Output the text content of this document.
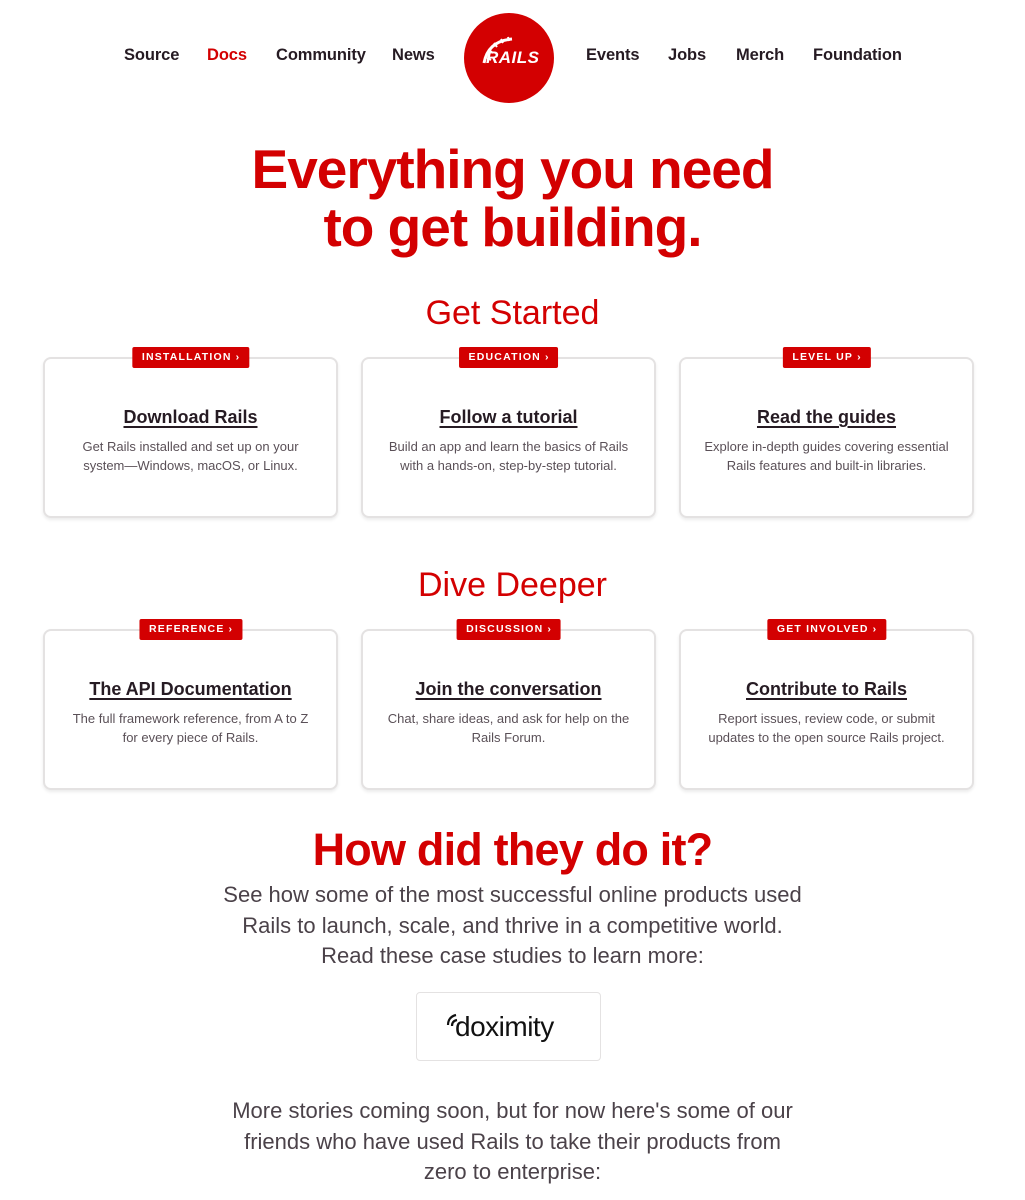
Source Docs Community News	RAILS	Events Jobs Merch Foundation
Everything you need
to get building.
Get Started
INSTALLATION ›
Download Rails
Get Rails installed and set up on your system—Windows, macOS, or Linux.
EDUCATION ›
Follow a tutorial
Build an app and learn the basics of Rails with a hands-on, step-by-step tutorial.
LEVEL UP ›
Read the guides
Explore in-depth guides covering essential Rails features and built-in libraries.
Dive Deeper
REFERENCE ›
The API Documentation
The full framework reference, from A to Z for every piece of Rails.
DISCUSSION ›
Join the conversation
Chat, share ideas, and ask for help on the Rails Forum.
GET INVOLVED ›
Contribute to Rails
Report issues, review code, or submit updates to the open source Rails project.
How did they do it?
See how some of the most successful online products used
Rails to launch, scale, and thrive in a competitive world.
Read these case studies to learn more:
doximity
More stories coming soon, but for now here's some of our
friends who have used Rails to take their products from
zero to enterprise:
